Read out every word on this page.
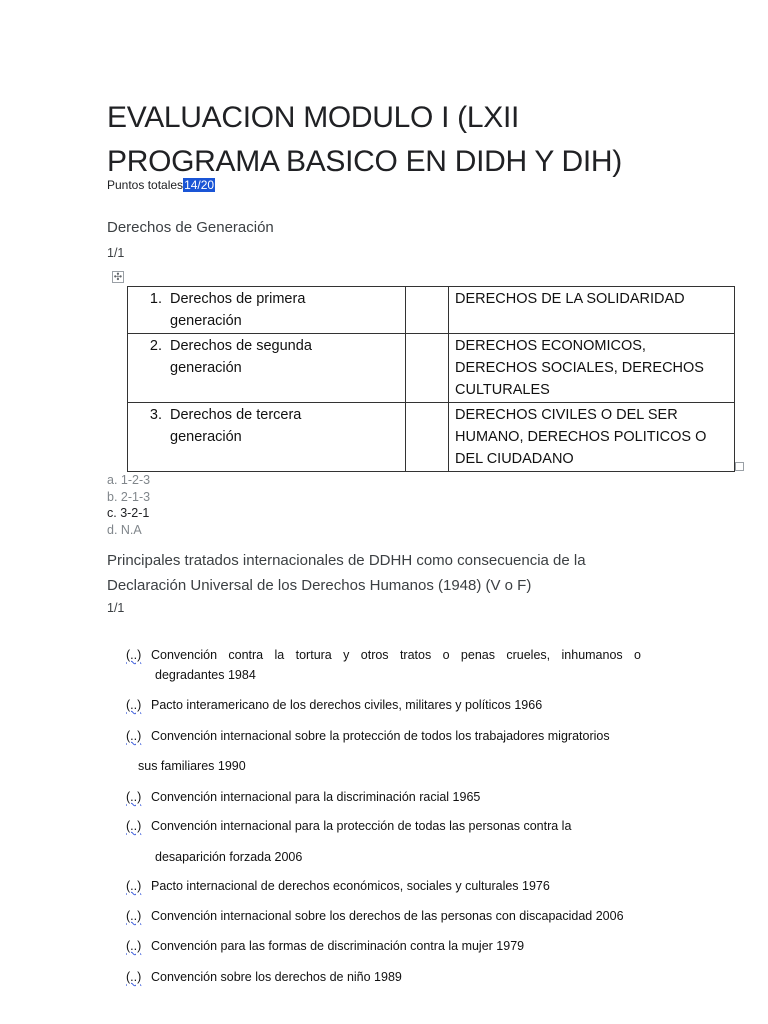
EVALUACION MODULO I (LXII
PROGRAMA BASICO EN DIDH Y DIH)
Puntos totales14/20
Derechos de Generación
1/1
✣
1. Derechos de primera
generación		DERECHOS DE LA SOLIDARIDAD

2. Derechos de segunda
generación		DERECHOS ECONOMICOS, DERECHOS SOCIALES, DERECHOS CULTURALES

3. Derechos de tercera
generación		DERECHOS CIVILES O DEL SER HUMANO, DERECHOS POLITICOS O DEL CIUDADANO
a. 1-2-3
b. 2-1-3
c. 3-2-1
d. N.A
Principales tratados internacionales de DDHH como consecuencia de la
Declaración Universal de los Derechos Humanos (1948) (V o F)
1/1
(..) Convención contra la tortura y otros tratos o penas crueles, inhumanos o
degradantes 1984
(..) Pacto interamericano de los derechos civiles, militares y políticos 1966
(..) Convención internacional sobre la protección de todos los trabajadores migratorios
sus familiares 1990
(..) Convención internacional para la discriminación racial 1965
(..) Convención internacional para la protección de todas las personas contra la
desaparición forzada 2006
(..) Pacto internacional de derechos económicos, sociales y culturales 1976
(..) Convención internacional sobre los derechos de las personas con discapacidad 2006
(..) Convención para las formas de discriminación contra la mujer 1979
(..) Convención sobre los derechos de niño 1989
